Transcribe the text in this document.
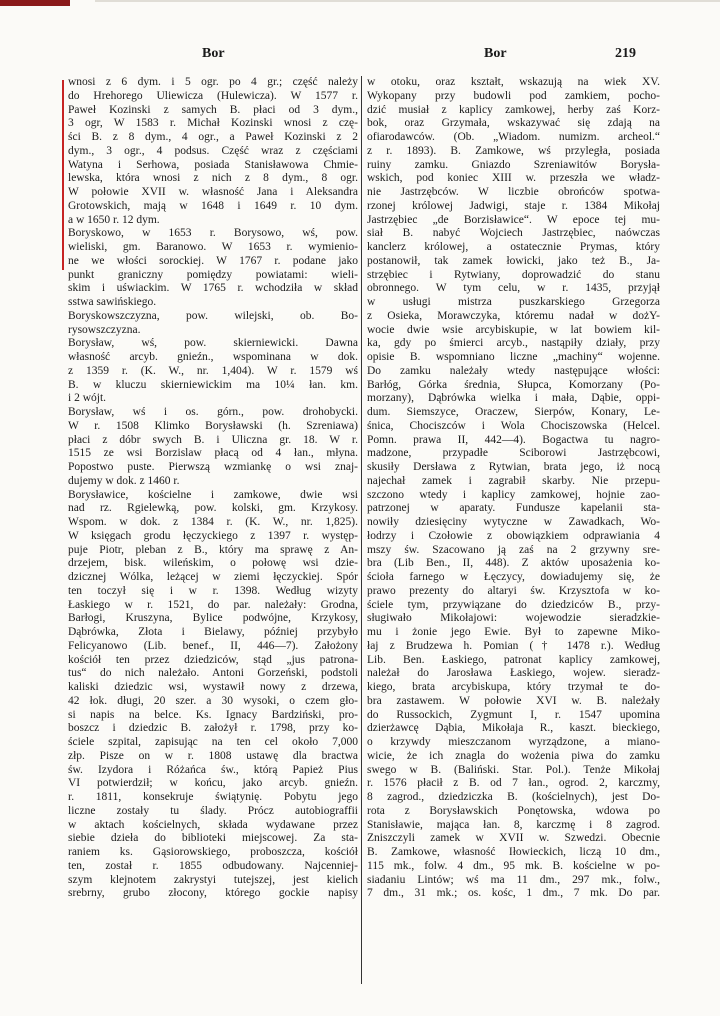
Bor	Bor	219
wnosi z 6 dym. i 5 ogr. po 4 gr.; część należy
do Hrehorego Uliewicza (Hulewicza). W 1577 r.
Paweł Kozinski z samych B. płaci od 3 dym.,
3 ogr, W 1583 r. Michał Kozinski wnosi z czę-
ści B. z 8 dym., 4 ogr., a Paweł Kozinski z 2
dym., 3 ogr., 4 podsus. Część wraz z częściami
Watyna i Serhowa, posiada Stanisławowa Chmie-
lewska, która wnosi z nich z 8 dym., 8 ogr.
W połowie XVII w. własność Jana i Aleksandra
Grotowskich, mają w 1648 i 1649 r. 10 dym.
a w 1650 r. 12 dym.
Boryskowo, w 1653 r. Borysowo, wś, pow.
wieliski, gm. Baranowo. W 1653 r. wymienio-
ne we włości sorockiej. W 1767 r. podane jako
punkt graniczny pomiędzy powiatami: wieli-
skim i uświackim. W 1765 r. wchodziła w skład
sstwa sawińskiego.
Boryskowszczyzna, pow. wilejski, ob. Bo-
rysowszczyzna.
Borysław, wś, pow. skierniewicki. Dawna
własność arcyb. gnieźn., wspominana w dok.
z 1359 r. (K. W., nr. 1,404). W r. 1579 wś
B. w kluczu skierniewickim ma 10¼ łan. km.
i 2 wójt.
Borysław, wś i os. górn., pow. drohobycki.
W r. 1508 Klimko Borysławski (h. Szreniawa)
płaci z dóbr swych B. i Uliczna gr. 18. W r.
1515 ze wsi Borzislaw płacą od 4 łan., młyna.
Popostwo puste. Pierwszą wzmiankę o wsi znaj-
dujemy w dok. z 1460 r.
Borysławice, kościelne i zamkowe, dwie wsi
nad rz. Rgielewką, pow. kolski, gm. Krzykosy.
Wspom. w dok. z 1384 r. (K. W., nr. 1,825).
W księgach grodu łęczyckiego z 1397 r. występ-
puje Piotr, pleban z B., który ma sprawę z An-
drzejem, bisk. wileńskim, o połowę wsi dzie-
dzicznej Wólka, leżącej w ziemi łęczyckiej. Spór
ten toczył się i w r. 1398. Według wizyty
Łaskiego w r. 1521, do par. należały: Grodna,
Barłogi, Kruszyna, Bylice podwójne, Krzykosy,
Dąbrówka, Złota i Bielawy, później przybyło
Felicyanowo (Lib. benef., II, 446—7). Założony
kościół ten przez dziedziców, stąd „jus patrona-
tus“ do nich należało. Antoni Gorzeński, podstoli
kaliski dziedzic wsi, wystawił nowy z drzewa,
42 łok. długi, 20 szer. a 30 wysoki, o czem gło-
si napis na belce. Ks. Ignacy Bardziński, pro-
boszcz i dziedzic B. założył r. 1798, przy ko-
ściele szpital, zapisując na ten cel około 7,000
złp. Pisze on w r. 1808 ustawę dla bractwa
św. Izydora i Różańca św., którą Papież Pius
VI potwierdził; w końcu, jako arcyb. gnieźn.
r. 1811, konsekruje świątynię. Pobytu jego
liczne zostały tu ślady. Prócz autobiograffii
w aktach kościelnych, składa wydawane przez
siebie dzieła do biblioteki miejscowej. Za sta-
raniem ks. Gąsiorowskiego, proboszcza, kościół
ten, został r. 1855 odbudowany. Najcenniej-
szym klejnotem zakrystyi tutejszej, jest kielich
srebrny, grubo złocony, którego gockie napisy
w otoku, oraz kształt, wskazują na wiek XV.
Wykopany przy budowli pod zamkiem, pocho-
dzić musiał z kaplicy zamkowej, herby zaś Korz-
bok, oraz Grzymała, wskazywać się zdają na
ofiarodawców. (Ob. „Wiadom. numizm. archeol.“
z r. 1893). B. Zamkowe, wś przyległa, posiada
ruiny zamku. Gniazdo Szreniawitów Borysła-
wskich, pod koniec XIII w. przeszła we władz-
nie Jastrzębców. W liczbie obrońców spotwa-
rzonej królowej Jadwigi, staje r. 1384 Mikołaj
Jastrzębiec „de Borzisławice“. W epoce tej mu-
siał B. nabyć Wojciech Jastrzębiec, naówczas
kanclerz królowej, a ostatecznie Prymas, który
postanowił, tak zamek łowicki, jako też B., Ja-
strzębiec i Rytwiany, doprowadzić do stanu
obronnego. W tym celu, w r. 1435, przyjął
w usługi mistrza puszkarskiego Grzegorza
z Osieka, Morawczyka, któremu nadał w dożY-
wocie dwie wsie arcybiskupie, w lat bowiem kil-
ka, gdy po śmierci arcyb., nastąpiły działy, przy
opisie B. wspomniano liczne „machiny“ wojenne.
Do zamku należały wtedy następujące włości:
Barłóg, Górka średnia, Słupca, Komorzany (Po-
morzany), Dąbrówka wielka i mała, Dąbie, oppi-
dum. Siemszyce, Oraczew, Sierpów, Konary, Le-
śnica, Chociszców i Wola Chociszowska (Helcel.
Pomn. prawa II, 442—4). Bogactwa tu nagro-
madzone, przypadłe Sciborowi Jastrzębcowi,
skusiły Dersława z Rytwian, brata jego, iż nocą
najechał zamek i zagrabił skarby. Nie przepu-
szczono wtedy i kaplicy zamkowej, hojnie zao-
patrzonej w aparaty. Fundusze kapelanii sta-
nowiły dziesięciny wytyczne w Zawadkach, Wo-
łodrzy i Czołowie z obowiązkiem odprawiania 4
mszy św. Szacowano ją zaś na 2 grzywny sre-
bra (Lib Ben., II, 448). Z aktów uposażenia ko-
ścioła farnego w Łęczycy, dowiadujemy się, że
prawo prezenty do altaryi św. Krzysztofa w ko-
ściele tym, przywiązane do dziedziców B., przy-
sługiwało Mikołajowi: wojewodzie sieradzkie-
mu i żonie jego Ewie. Był to zapewne Miko-
łaj z Brudzewa h. Pomian († 1478 r.). Według
Lib. Ben. Łaskiego, patronat kaplicy zamkowej,
należał do Jarosława Łaskiego, wojew. sieradz-
kiego, brata arcybiskupa, który trzymał te do-
bra zastawem. W połowie XVI w. B. należały
do Russockich, Zygmunt I, r. 1547 upomina
dzierżawcę Dąbia, Mikołaja R., kaszt. bieckiego,
o krzywdy mieszczanom wyrządzone, a miano-
wicie, że ich znagla do wożenia piwa do zamku
swego w B. (Baliński. Star. Pol.). Tenże Mikołaj
r. 1576 płacił z B. od 7 łan., ogrod. 2, karczmy,
8 zagrod., dziedziczka B. (kościelnych), jest Do-
rota z Borysławskich Ponętowska, wdowa po
Stanisławie, mająca łan. 8, karczmę i 8 zagrod.
Zniszczyli zamek w XVII w. Szwedzi. Obecnie
B. Zamkowe, własność Iłowieckich, liczą 10 dm.,
115 mk., folw. 4 dm., 95 mk. B. kościelne w po-
siadaniu Lintów; wś ma 11 dm., 297 mk., folw.,
7 dm., 31 mk.; os. kośc, 1 dm., 7 mk. Do par.
